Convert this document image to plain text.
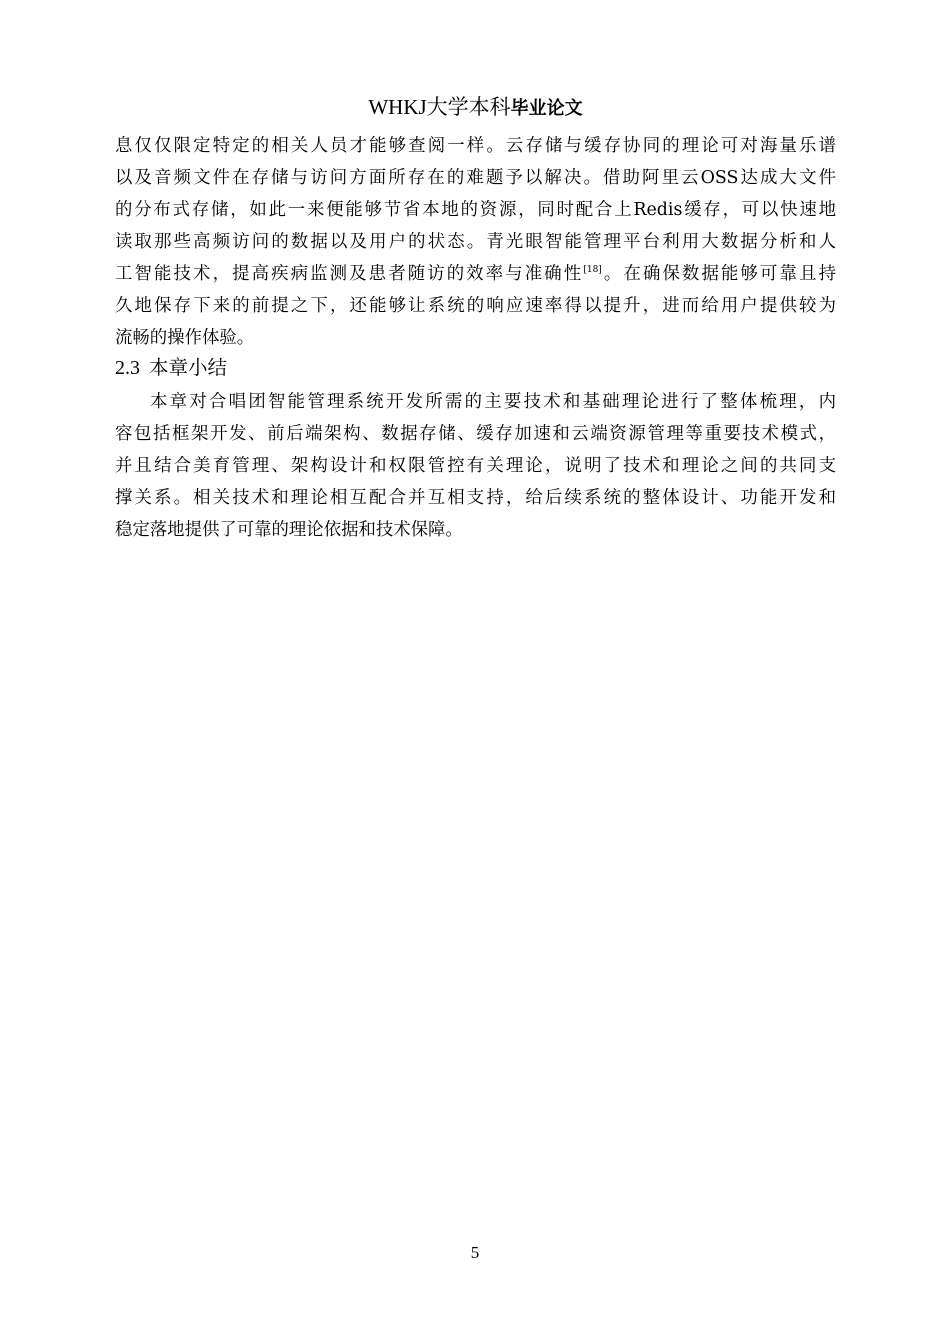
WHKJ大学本科毕业论文
息仅仅限定特定的相关人员才能够查阅一样。云存储与缓存协同的理论可对海量乐谱
以及音频文件在存储与访问方面所存在的难题予以解决。借助阿里云OSS达成大文件
的分布式存储，如此一来便能够节省本地的资源，同时配合上Redis缓存，可以快速地
读取那些高频访问的数据以及用户的状态。青光眼智能管理平台利用大数据分析和人
工智能技术，提高疾病监测及患者随访的效率与准确性[18]。在确保数据能够可靠且持
久地保存下来的前提之下，还能够让系统的响应速率得以提升，进而给用户提供较为
流畅的操作体验。
2.3 本章小结
本章对合唱团智能管理系统开发所需的主要技术和基础理论进行了整体梳理，内
容包括框架开发、前后端架构、数据存储、缓存加速和云端资源管理等重要技术模式，
并且结合美育管理、架构设计和权限管控有关理论，说明了技术和理论之间的共同支
撑关系。相关技术和理论相互配合并互相支持，给后续系统的整体设计、功能开发和
稳定落地提供了可靠的理论依据和技术保障。
5
